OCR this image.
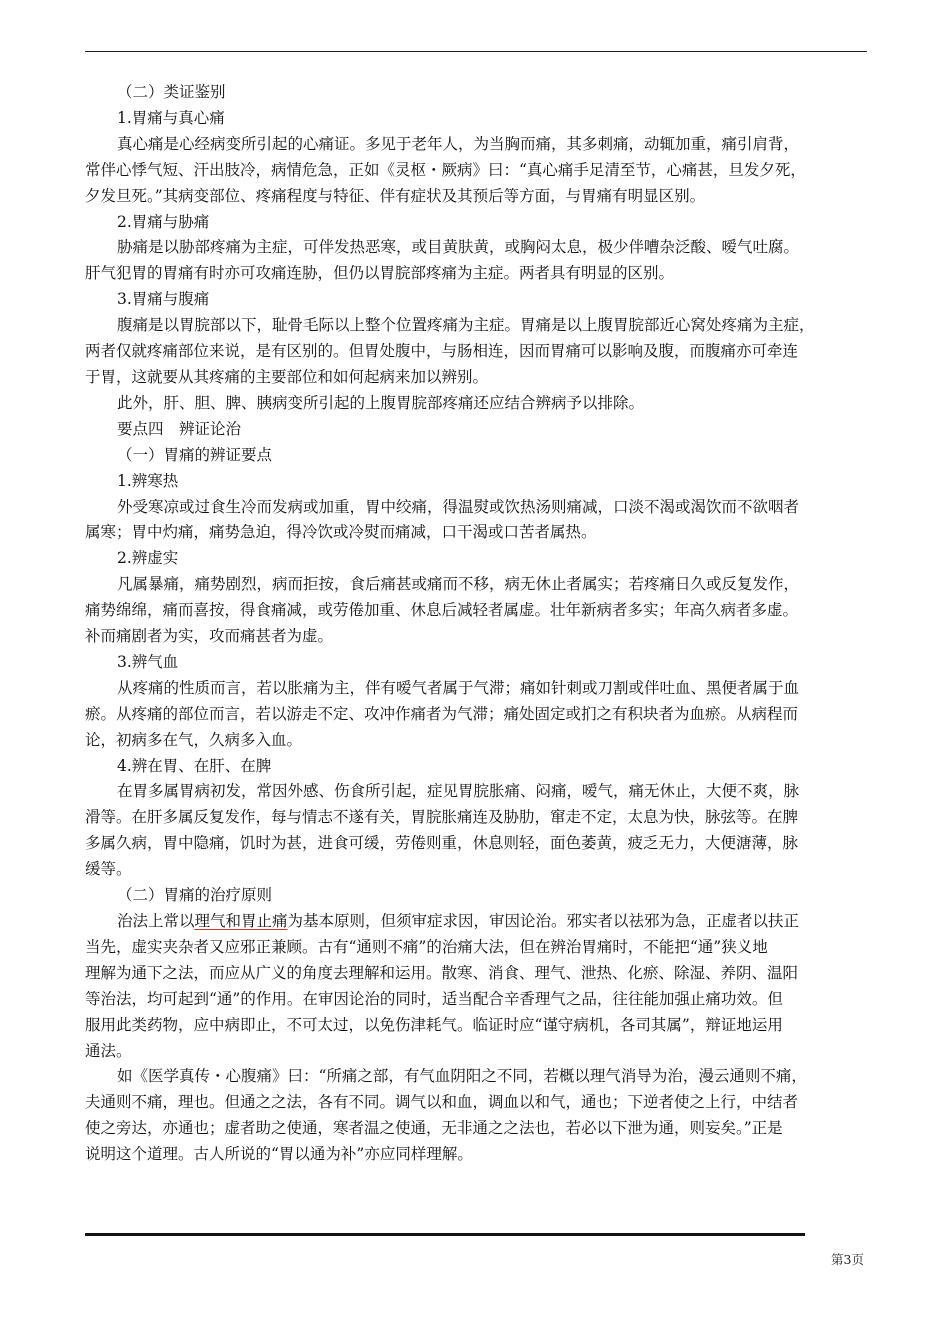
（二）类证鉴别

1.胃痛与真心痛

真心痛是心经病变所引起的心痛证。多见于老年人，为当胸而痛，其多刺痛，动辄加重，痛引肩背，

常伴心悸气短、汗出肢冷，病情危急，正如《灵枢・厥病》曰：“真心痛手足清至节，心痛甚，旦发夕死，

夕发旦死。”其病变部位、疼痛程度与特征、伴有症状及其预后等方面，与胃痛有明显区别。

2.胃痛与胁痛

胁痛是以胁部疼痛为主症，可伴发热恶寒，或目黄肤黄，或胸闷太息，极少伴嘈杂泛酸、嗳气吐腐。

肝气犯胃的胃痛有时亦可攻痛连胁，但仍以胃脘部疼痛为主症。两者具有明显的区别。

3.胃痛与腹痛

腹痛是以胃脘部以下，耻骨毛际以上整个位置疼痛为主症。胃痛是以上腹胃脘部近心窝处疼痛为主症，

两者仅就疼痛部位来说，是有区别的。但胃处腹中，与肠相连，因而胃痛可以影响及腹，而腹痛亦可牵连

于胃，这就要从其疼痛的主要部位和如何起病来加以辨别。

此外，肝、胆、脾、胰病变所引起的上腹胃脘部疼痛还应结合辨病予以排除。

要点四　辨证论治

（一）胃痛的辨证要点

1.辨寒热

外受寒凉或过食生冷而发病或加重，胃中绞痛，得温熨或饮热汤则痛减，口淡不渴或渴饮而不欲咽者

属寒；胃中灼痛，痛势急迫，得冷饮或冷熨而痛减，口干渴或口苦者属热。

2.辨虚实

凡属暴痛，痛势剧烈，病而拒按，食后痛甚或痛而不移，病无休止者属实；若疼痛日久或反复发作，

痛势绵绵，痛而喜按，得食痛减，或劳倦加重、休息后减轻者属虚。壮年新病者多实；年高久病者多虚。

补而痛剧者为实，攻而痛甚者为虚。

3.辨气血

从疼痛的性质而言，若以胀痛为主，伴有嗳气者属于气滞；痛如针刺或刀割或伴吐血、黑便者属于血

瘀。从疼痛的部位而言，若以游走不定、攻冲作痛者为气滞；痛处固定或扪之有积块者为血瘀。从病程而

论，初病多在气，久病多入血。

4.辨在胃、在肝、在脾

在胃多属胃病初发，常因外感、伤食所引起，症见胃脘胀痛、闷痛，嗳气，痛无休止，大便不爽，脉

滑等。在肝多属反复发作，每与情志不遂有关，胃脘胀痛连及胁肋，窜走不定，太息为快，脉弦等。在脾

多属久病，胃中隐痛，饥时为甚，进食可缓，劳倦则重，休息则轻，面色萎黄，疲乏无力，大便溏薄，脉

缓等。

（二）胃痛的治疗原则

治法上常以理气和胃止痛为基本原则，但须审症求因，审因论治。邪实者以祛邪为急，正虚者以扶正

当先，虚实夹杂者又应邪正兼顾。古有“通则不痛”的治痛大法，但在辨治胃痛时，不能把“通”狭义地

理解为通下之法，而应从广义的角度去理解和运用。散寒、消食、理气、泄热、化瘀、除湿、养阴、温阳

等治法，均可起到“通”的作用。在审因论治的同时，适当配合辛香理气之品，往往能加强止痛功效。但

服用此类药物，应中病即止，不可太过，以免伤津耗气。临证时应“谨守病机，各司其属”，辩证地运用

通法。

如《医学真传・心腹痛》曰：“所痛之部，有气血阴阳之不同，若概以理气消导为治，漫云通则不痛，

夫通则不痛，理也。但通之之法，各有不同。调气以和血，调血以和气，通也；下逆者使之上行，中结者

使之旁达，亦通也；虚者助之使通，寒者温之使通，无非通之之法也，若必以下泄为通，则妄矣。”正是

说明这个道理。古人所说的“胃以通为补”亦应同样理解。

第3页
